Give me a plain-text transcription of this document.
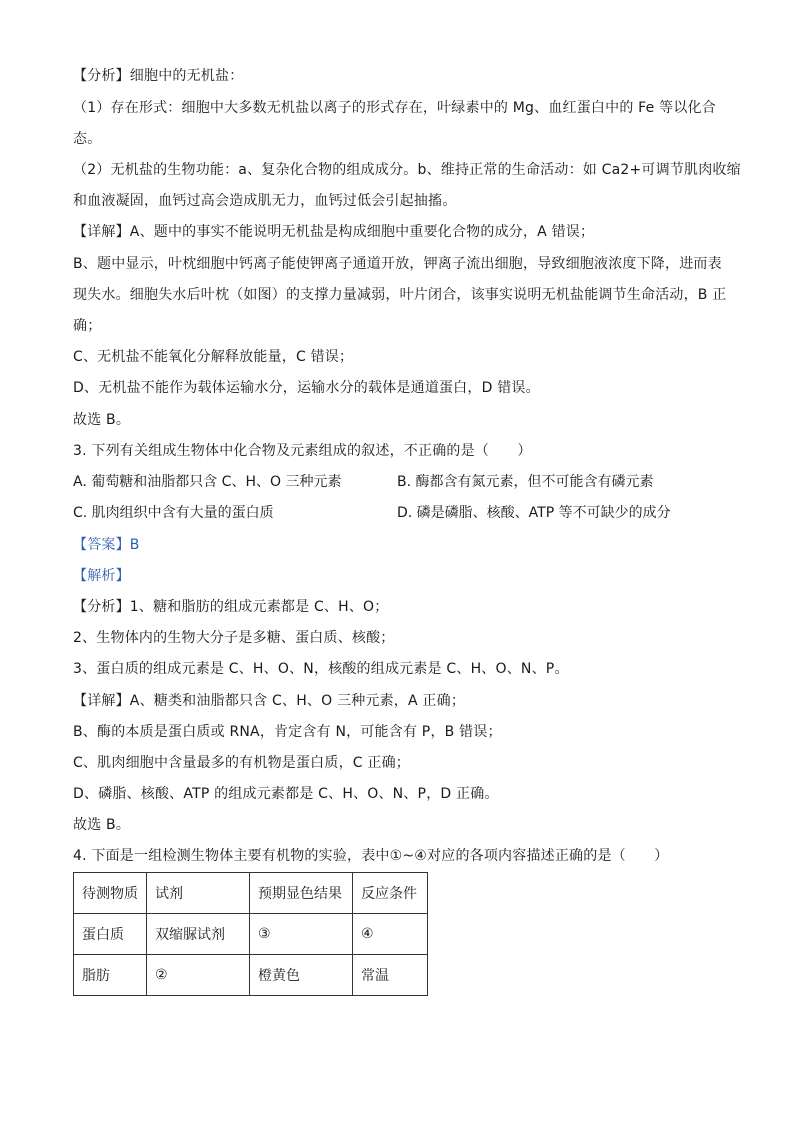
【分析】细胞中的无机盐：
（1）存在形式：细胞中大多数无机盐以离子的形式存在，叶绿素中的 Mg、血红蛋白中的 Fe 等以化合
态。
（2）无机盐的生物功能：a、复杂化合物的组成成分。b、维持正常的生命活动：如 Ca2+可调节肌肉收缩
和血液凝固，血钙过高会造成肌无力，血钙过低会引起抽搐。
【详解】A、题中的事实不能说明无机盐是构成细胞中重要化合物的成分，A 错误；
B、题中显示，叶枕细胞中钙离子能使钾离子通道开放，钾离子流出细胞，导致细胞液浓度下降，进而表
现失水。细胞失水后叶枕（如图）的支撑力量减弱，叶片闭合，该事实说明无机盐能调节生命活动，B 正
确；
C、无机盐不能氧化分解释放能量，C 错误；
D、无机盐不能作为载体运输水分，运输水分的载体是通道蛋白，D 错误。
故选 B。
3. 下列有关组成生物体中化合物及元素组成的叙述，不正确的是（　　）
A. 葡萄糖和油脂都只含 C、H、O 三种元素	B. 酶都含有氮元素，但不可能含有磷元素
C. 肌肉组织中含有大量的蛋白质	D. 磷是磷脂、核酸、ATP 等不可缺少的成分
【答案】B
【解析】
【分析】1、糖和脂肪的组成元素都是 C、H、O；
2、生物体内的生物大分子是多糖、蛋白质、核酸；
3、蛋白质的组成元素是 C、H、O、N，核酸的组成元素是 C、H、O、N、P。
【详解】A、糖类和油脂都只含 C、H、O 三种元素，A 正确；
B、酶的本质是蛋白质或 RNA，肯定含有 N，可能含有 P，B 错误；
C、肌肉细胞中含量最多的有机物是蛋白质，C 正确；
D、磷脂、核酸、ATP 的组成元素都是 C、H、O、N、P，D 正确。
故选 B。
4. 下面是一组检测生物体主要有机物的实验，表中①~④对应的各项内容描述正确的是（　　）
待测物质	试剂	预期显色结果	反应条件
蛋白质	双缩脲试剂	③	④
脂肪	②	橙黄色	常温
